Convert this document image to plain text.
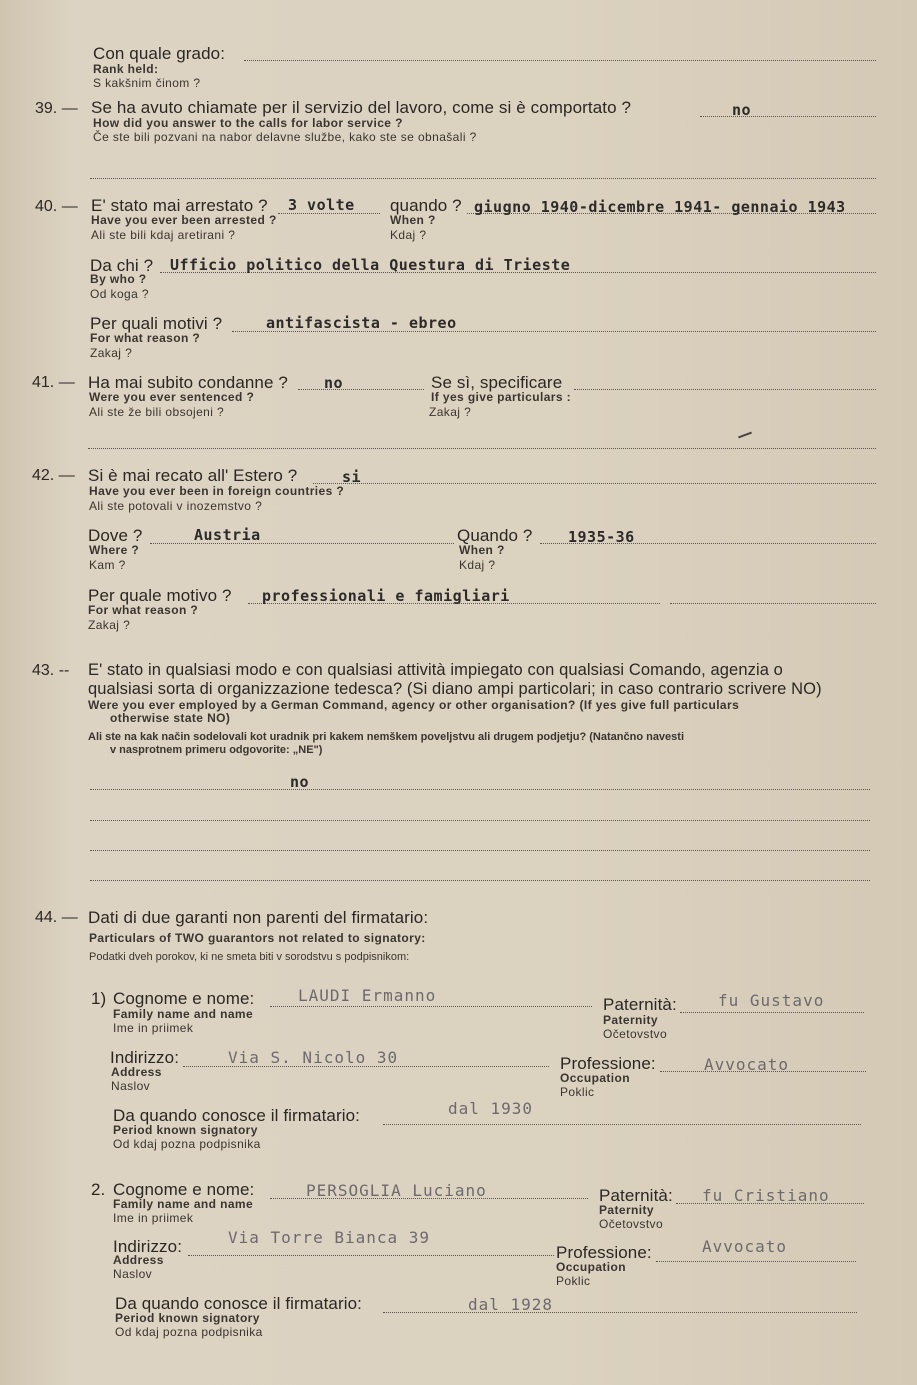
Con quale grado:
Rank held:
S kakšnim činom ?
39. — Se ha avuto chiamate per il servizio del lavoro, come si è comportato ?	no
How did you answer to the calls for labor service ?
Če ste bili pozvani na nabor delavne službe, kako ste se obnašali ?
40. — E' stato mai arrestato ? 3 volte
Have you ever been arrested ?
Ali ste bili kdaj aretirani ?
quando ? giugno 1940-dicembre 1941- gennaio 1943
When ?
Kdaj ?
Da chi ? Ufficio politico della Questura di Trieste
By who ?
Od koga ?
Per quali motivi ?	antifascista - ebreo
For what reason ?
Zakaj ?
41. — Ha mai subito condanne ? no
Were you ever sentenced ?
Ali ste že bili obsojeni ?
Se sì, specificare
If yes give particulars :
Zakaj ?
42. — Si è mai recato all' Estero ?	si
Have you ever been in foreign countries ?
Ali ste potovali v inozemstvo ?
Dove ?	Austria
Where ?
Kam ?
Quando ? 1935-36
When ?
Kdaj ?
Per quale motivo ? professionali e famigliari
For what reason ?
Zakaj ?
43. -- E' stato in qualsiasi modo e con qualsiasi attività impiegato con qualsiasi Comando, agenzia o
qualsiasi sorta di organizzazione tedesca? (Si diano ampi particolari; in caso contrario scrivere NO)
Were you ever employed by a German Command, agency or other organisation? (If yes give full particulars
otherwise state NO)
Ali ste na kak način sodelovali kot uradnik pri kakem nemškem poveljstvu ali drugem podjetju? (Natančno navesti
v nasprotnem primeru odgovorite: „NE")
no
44. — Dati di due garanti non parenti del firmatario:
Particulars of TWO guarantors not related to signatory:
Podatki dveh porokov, ki ne smeta biti v sorodstvu s podpisnikom:
1) Cognome e nome:	LAUDI Ermanno
Family name and name
Ime in priimek
Paternità:	fu Gustavo
Paternity
Očetovstvo
Indirizzo:	Via S. Nicolo 30
Address
Naslov
Professione:	Avvocato
Occupation
Poklic
Da quando conosce il firmatario:	dal 1930
Period known signatory
Od kdaj pozna podpisnika
2. Cognome e nome:	PERSOGLIA Luciano
Family name and name
Ime in priimek
Paternità: fu Cristiano
Paternity
Očetovstvo
Indirizzo:	Via Torre Bianca 39
Address
Naslov
Professione:	Avvocato
Occupation
Poklic
Da quando conosce il firmatario:	dal 1928
Period known signatory
Od kdaj pozna podpisnika
